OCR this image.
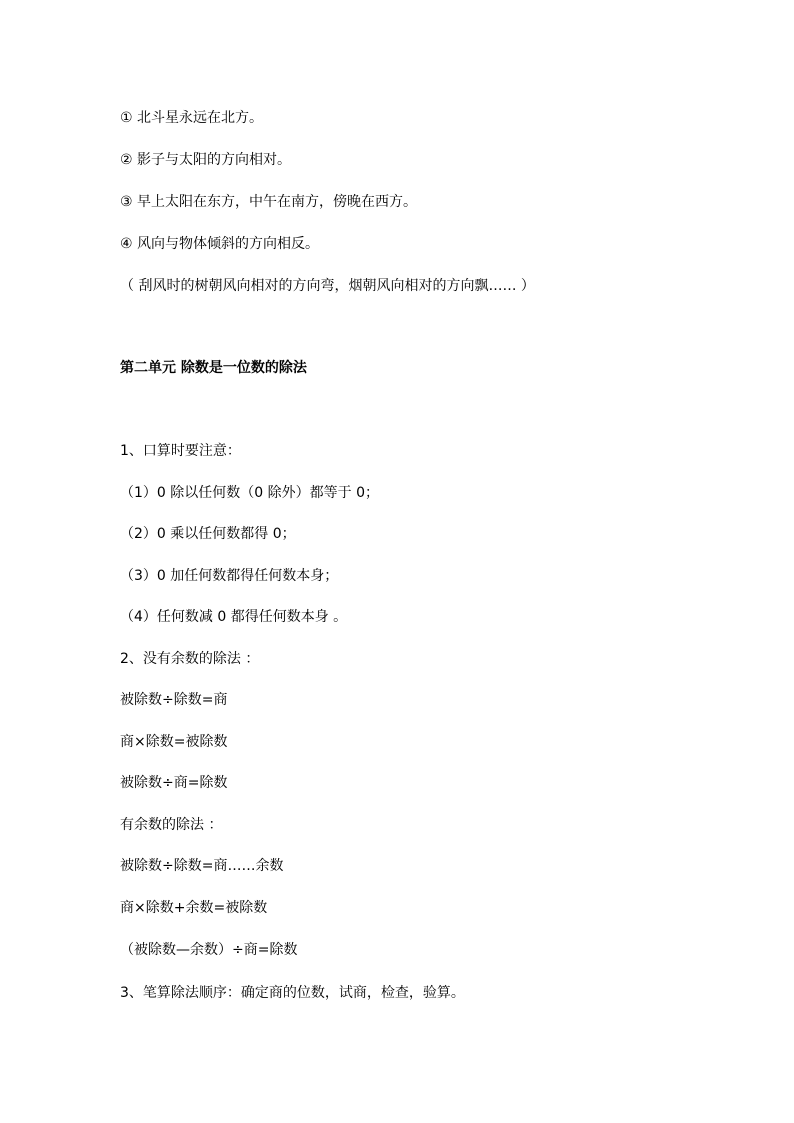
① 北斗星永远在北方。
② 影子与太阳的方向相对。
③ 早上太阳在东方，中午在南方，傍晚在西方。
④ 风向与物体倾斜的方向相反。
（ 刮风时的树朝风向相对的方向弯，烟朝风向相对的方向飘…… ）
第二单元 除数是一位数的除法
1、口算时要注意：
（1）0 除以任何数（0 除外）都等于 0；
（2）0 乘以任何数都得 0；
（3）0 加任何数都得任何数本身；
（4）任何数减 0 都得任何数本身 。
2、没有余数的除法 ：
被除数÷除数=商
商×除数=被除数
被除数÷商=除数
有余数的除法 ：
被除数÷除数=商……余数
商×除数+余数=被除数
（被除数—余数）÷商=除数
3、笔算除法顺序：确定商的位数，试商，检查，验算。
